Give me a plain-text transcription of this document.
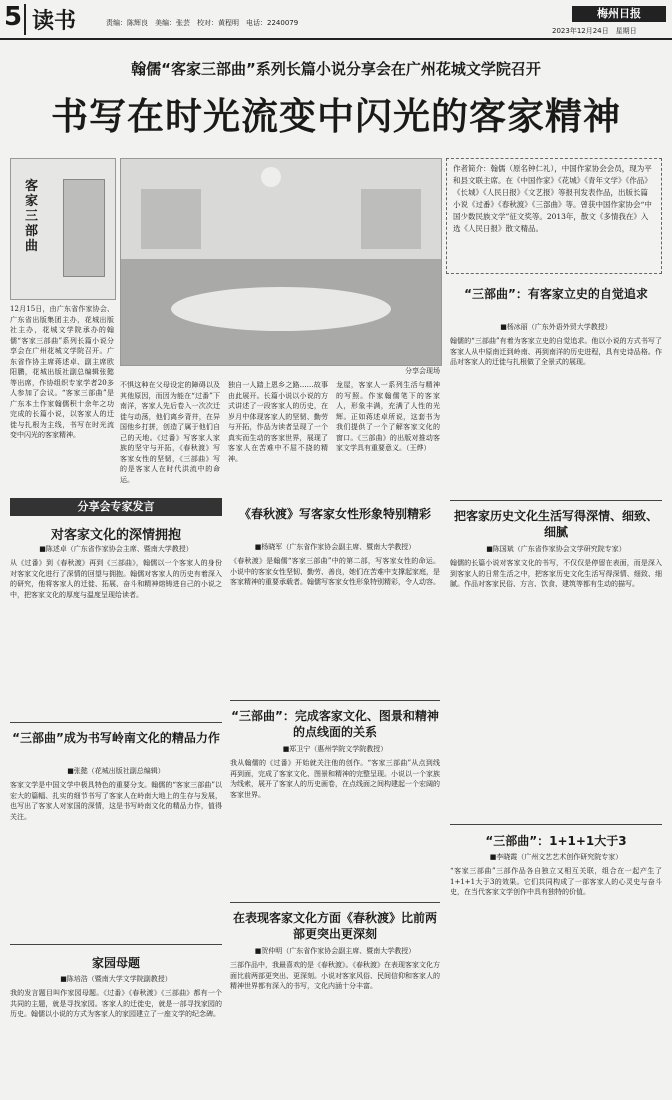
5 读书	责编：陈辉良　美编：张芸　校对：黄程明　电话：2240079
梅州日报
2023年12月24日　星期日
翰儒“客家三部曲”系列长篇小说分享会在广州花城文学院召开
书写在时光流变中闪光的客家精神
客家三部曲
分享会现场
作者简介：翰儒（原名钟仁礼），中国作家协会会员，现为平和县文联主席。在《中国作家》《花城》《青年文学》《作品》《长城》《人民日报》《文艺报》等报刊发表作品，出版长篇小说《过番》《春秋渡》《三部曲》等。曾获中国作家协会“中国少数民族文学”征文奖等。2013年，散文《多情我在》入选《人民日报》散文精品。
12月15日，由广东省作家协会、广东省出版集团主办，花城出版社主办，花城文学院承办的翰儒“客家三部曲”系列长篇小说分享会在广州花城文学院召开。广东省作协主席蒋述卓、副主席欧阳鹏，花城出版社副总编辑张懿等出席，作协组织专家学者20多人参加了会议。“客家三部曲”是广东本土作家翰儒积十余年之功完成的长篇小说，以客家人的迁徙与扎根为主线，书写在时光流变中闪光的客家精神。
不惧这种在父母设定的障碍以及其他原因，而因为能在“过番”下南洋，客家人先后卷入一次次迁徙与动荡，他们离乡背井，在异国他乡打拼，创造了属于他们自己的天地。《过番》写客家人家族的坚守与开拓，《春秋渡》写客家女性的坚韧，《三部曲》写的是客家人在时代洪流中的命运。
独自一人踏上恩乡之路……故事由此展开。长篇小说以小说的方式讲述了一段客家人的历史，在岁月中体现客家人的坚韧、勤劳与开拓，作品为读者呈现了一个真实而生动的客家世界，展现了客家人在苦难中不屈不挠的精神。
龙屋，客家人一系列生活与精神的写照。作家翰儒笔下的客家人，形象丰满，充满了人性的光辉。正如蒋述卓所说，这套书为我们提供了一个了解客家文化的窗口。《三部曲》的出版对推动客家文学具有重要意义。（王烨）
“三部曲”：有客家立史的自觉追求
■杨冰丽（广东外语外贸大学教授）
翰儒的“三部曲”有着为客家立史的自觉追求。他以小说的方式书写了客家人从中原南迁到岭南、再到南洋的历史进程，具有史诗品格。作品对客家人的迁徙与扎根做了全景式的展现。
分享会专家发言
对客家文化的深情拥抱
■陈述卓（广东省作家协会主席、暨南大学教授）
从《过番》到《春秋渡》再到《三部曲》，翰儒以一个客家人的身份对客家文化进行了深情的回望与拥抱。翰儒对客家人的历史有着深入的研究，他将客家人的迁徙、拓展、奋斗和精神熔铸进自己的小说之中，把客家文化的厚度与温度呈现给读者。
“三部曲”成为书写岭南文化的精品力作
■张懿（花城出版社副总编辑）
客家文学是中国文学中极具特色的重要分支。翰儒的“客家三部曲”以宏大的篇幅、扎实的细节书写了客家人在岭南大地上的生存与发展，也写出了客家人对家国的深情，这是书写岭南文化的精品力作，值得关注。
家园母题
■陈培浩（暨南大学文学院副教授）
我的发言题目叫作家园母题。《过番》《春秋渡》《三部曲》都有一个共同的主题，就是寻找家园。客家人的迁徙史，就是一部寻找家园的历史。翰儒以小说的方式为客家人的家园建立了一座文学的纪念碑。
《春秋渡》写客家女性形象特别精彩
■杨晓军（广东省作家协会副主席、暨南大学教授）
《春秋渡》是翰儒“客家三部曲”中的第二部，写客家女性的命运。小说中的客家女性坚韧、勤劳、善良，她们在苦难中支撑起家庭，是客家精神的重要承载者。翰儒写客家女性形象特别精彩，令人动容。
“三部曲”：完成客家文化、图景和精神的点线面的关系
■郑卫宁（惠州学院文学院教授）
我从翰儒的《过番》开始就关注他的创作。“客家三部曲”从点到线再到面，完成了客家文化、图景和精神的完整呈现。小说以一个家族为线索，展开了客家人的历史画卷，在点线面之间构建起一个宏阔的客家世界。
在表现客家文化方面《春秋渡》比前两部更突出更深刻
■贺仲明（广东省作家协会副主席、暨南大学教授）
三部作品中，我最喜欢的是《春秋渡》。《春秋渡》在表现客家文化方面比前两部更突出、更深刻。小说对客家风俗、民间信仰和客家人的精神世界都有深入的书写，文化内涵十分丰富。
把客家历史文化生活写得深情、细致、细腻
■陈国斌（广东省作家协会文学研究院专家）
翰儒的长篇小说对客家文化的书写，不仅仅是停留在表面，而是深入到客家人的日常生活之中，把客家历史文化生活写得深情、细致、细腻。作品对客家民俗、方言、饮食、建筑等都有生动的描写。
“三部曲”：1+1+1大于3
■李晓霞（广州文艺艺术创作研究院专家）
“客家三部曲”三部作品各自独立又相互关联，组合在一起产生了1+1+1大于3的效果。它们共同构成了一部客家人的心灵史与奋斗史，在当代客家文学创作中具有独特的价值。
